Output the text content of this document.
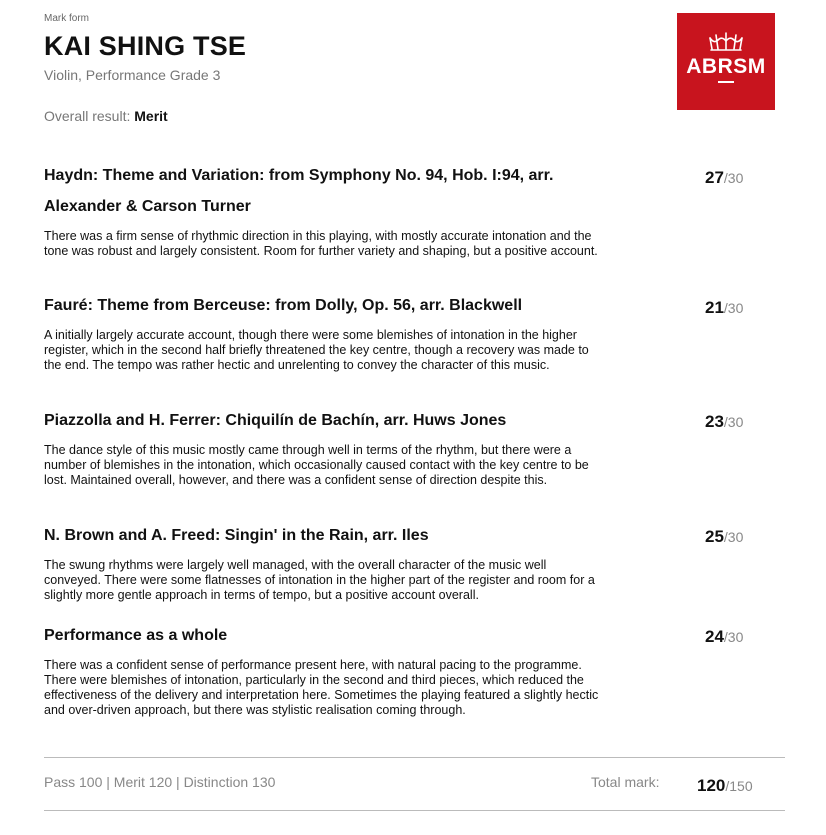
Mark form
KAI SHING TSE
Violin, Performance Grade 3
Overall result: Merit
ABRSM
Haydn: Theme and Variation: from Symphony No. 94, Hob. I:94, arr. Alexander & Carson Turner
There was a firm sense of rhythmic direction in this playing, with mostly accurate intonation and the tone was robust and largely consistent. Room for further variety and shaping, but a positive account.
27/30
Fauré: Theme from Berceuse: from Dolly, Op. 56, arr. Blackwell
A initially largely accurate account, though there were some blemishes of intonation in the higher register, which in the second half briefly threatened the key centre, though a recovery was made to the end. The tempo was rather hectic and unrelenting to convey the character of this music.
21/30
Piazzolla and H. Ferrer: Chiquilín de Bachín, arr. Huws Jones
The dance style of this music mostly came through well in terms of the rhythm, but there were a number of blemishes in the intonation, which occasionally caused contact with the key centre to be lost. Maintained overall, however, and there was a confident sense of direction despite this.
23/30
N. Brown and A. Freed: Singin' in the Rain, arr. Iles
The swung rhythms were largely well managed, with the overall character of the music well conveyed. There were some flatnesses of intonation in the higher part of the register and room for a slightly more gentle approach in terms of tempo, but a positive account overall.
25/30
Performance as a whole
There was a confident sense of performance present here, with natural pacing to the programme. There were blemishes of intonation, particularly in the second and third pieces, which reduced the effectiveness of the delivery and interpretation here. Sometimes the playing featured a slightly hectic and over-driven approach, but there was stylistic realisation coming through.
24/30
Pass 100 | Merit 120 | Distinction 130	Total mark: 120/150
